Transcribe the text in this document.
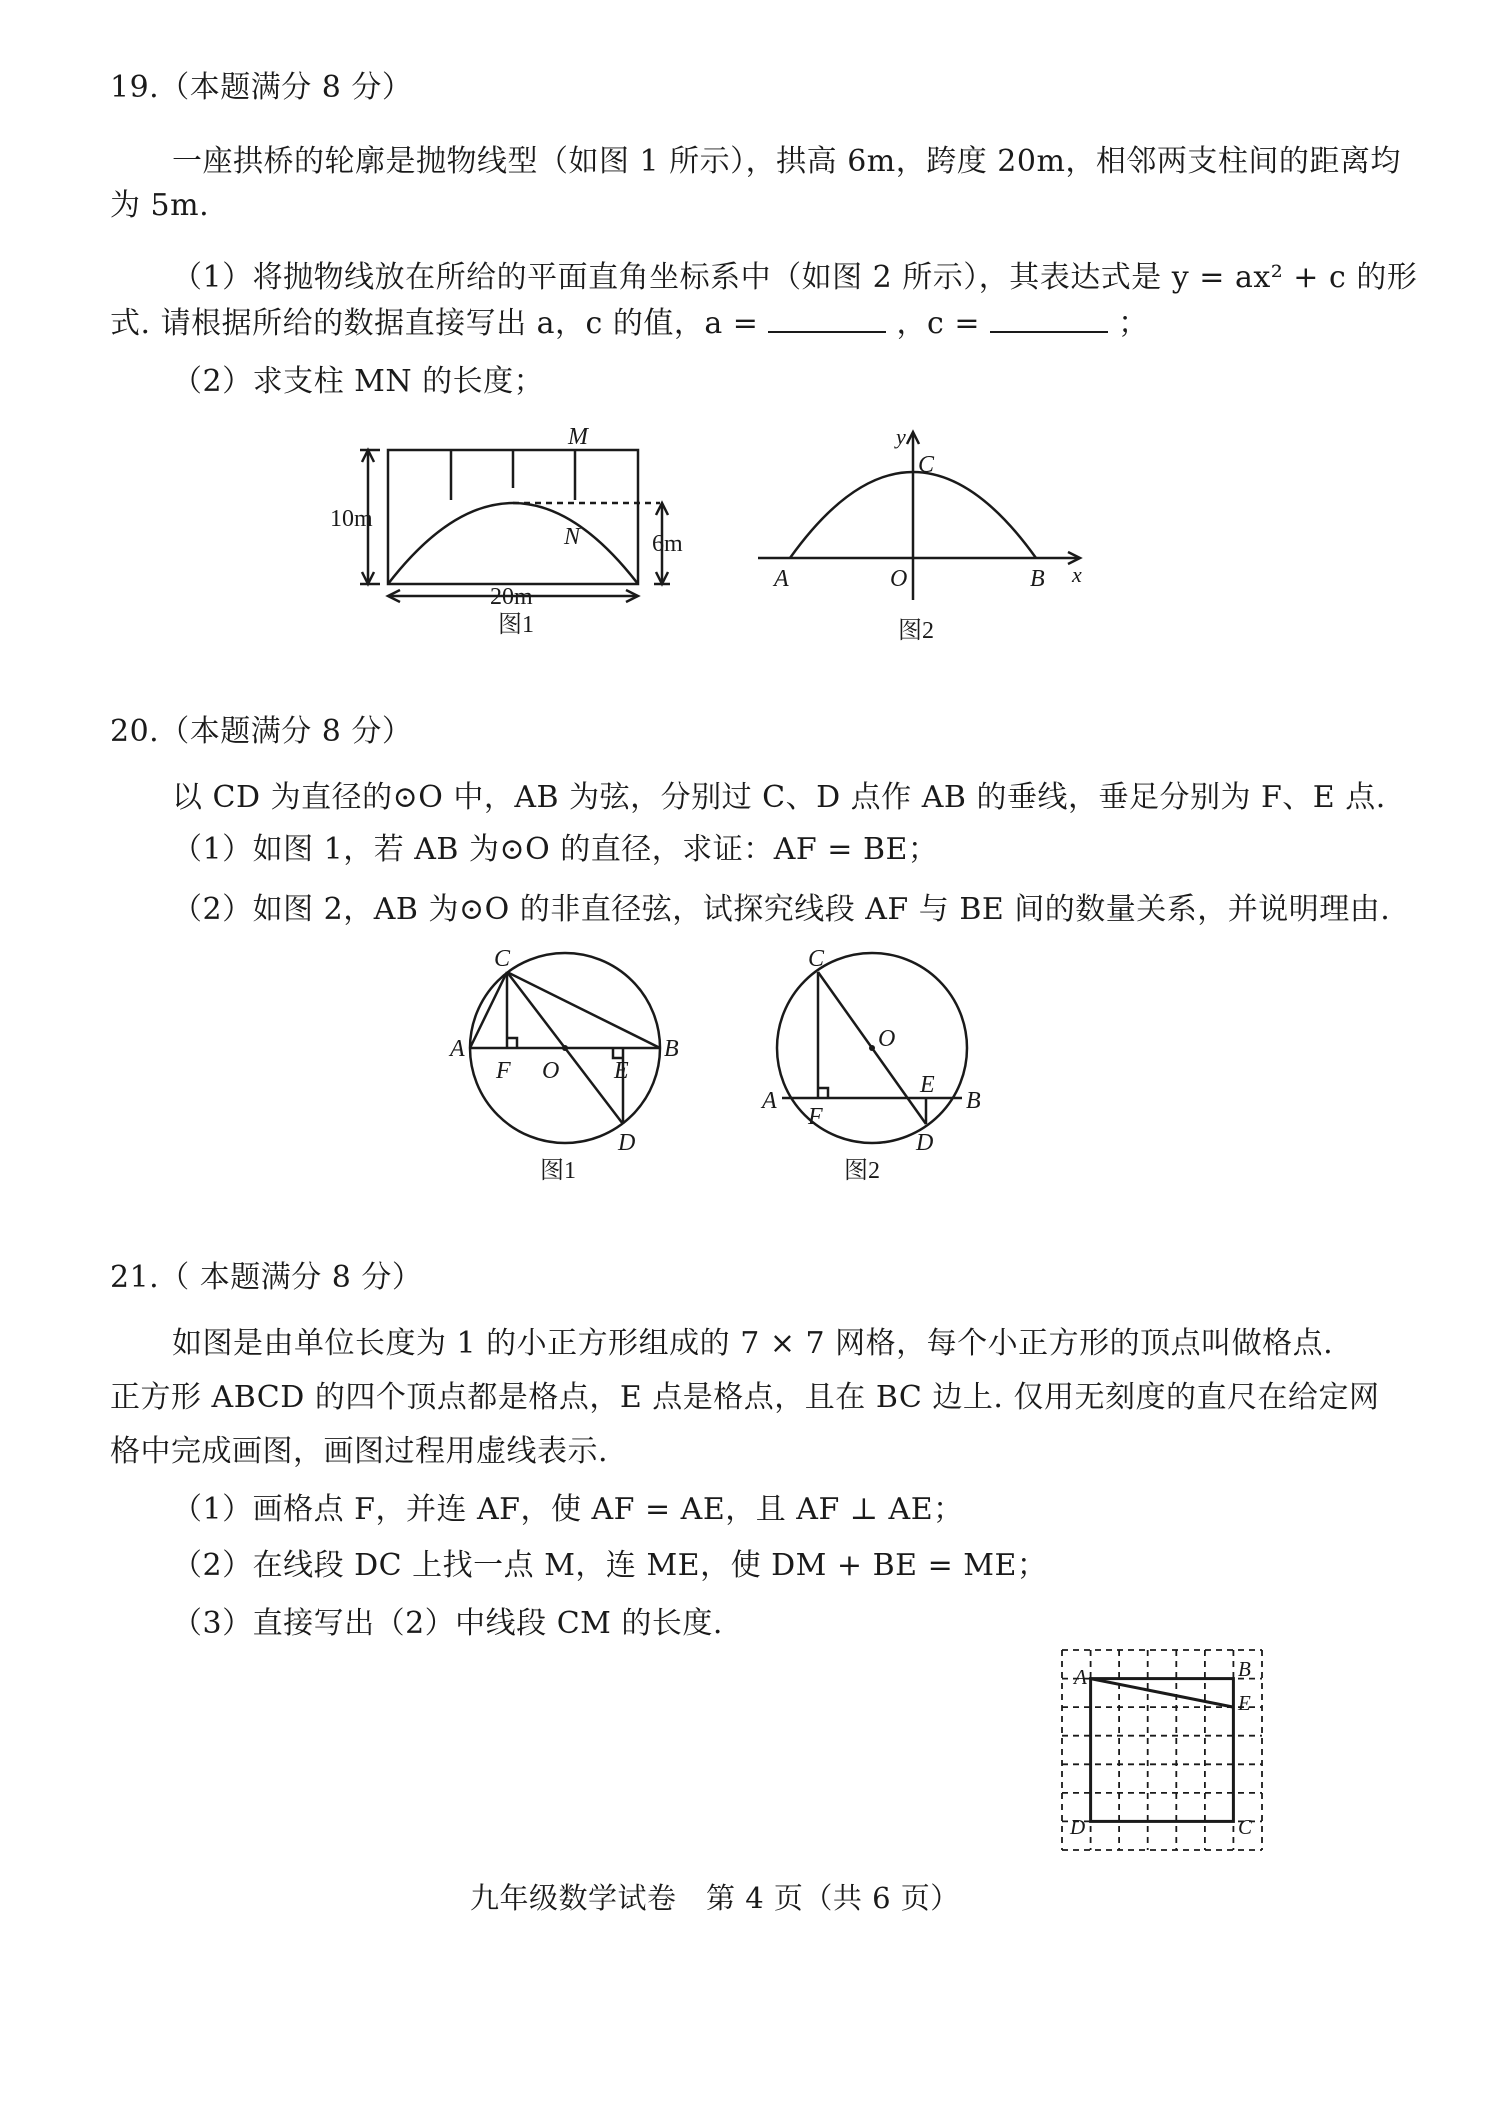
19.（本题满分 8 分）
一座拱桥的轮廓是抛物线型（如图 1 所示），拱高 6m，跨度 20m，相邻两支柱间的距离均
为 5m.
（1）将抛物线放在所给的平面直角坐标系中（如图 2 所示），其表达式是 y = ax² + c 的形
式. 请根据所给的数据直接写出 a，c 的值，a =	，c =	；
（2）求支柱 MN 的长度；
M
N
10m
6m
20m
图1
y
C
A	O	B x
图2
20.（本题满分 8 分）
以 CD 为直径的⊙O 中，AB 为弦，分别过 C、D 点作 AB 的垂线，垂足分别为 F、E 点.
（1）如图 1，若 AB 为⊙O 的直径，求证：AF = BE；
（2）如图 2，AB 为⊙O 的非直径弦，试探究线段 AF 与 BE 间的数量关系，并说明理由.
C
A
F O E
B
D
图1
C
O
E
A
F
B
D
图2
21.（ 本题满分 8 分）
如图是由单位长度为 1 的小正方形组成的 7 × 7 网格，每个小正方形的顶点叫做格点.
正方形 ABCD 的四个顶点都是格点，E 点是格点，且在 BC 边上. 仅用无刻度的直尺在给定网
格中完成画图，画图过程用虚线表示.
（1）画格点 F，并连 AF，使 AF = AE，且 AF ⊥ AE；
（2）在线段 DC 上找一点 M，连 ME，使 DM + BE = ME；
（3）直接写出（2）中线段 CM 的长度.
A	B
E
D	C
九年级数学试卷　第 4 页（共 6 页）
